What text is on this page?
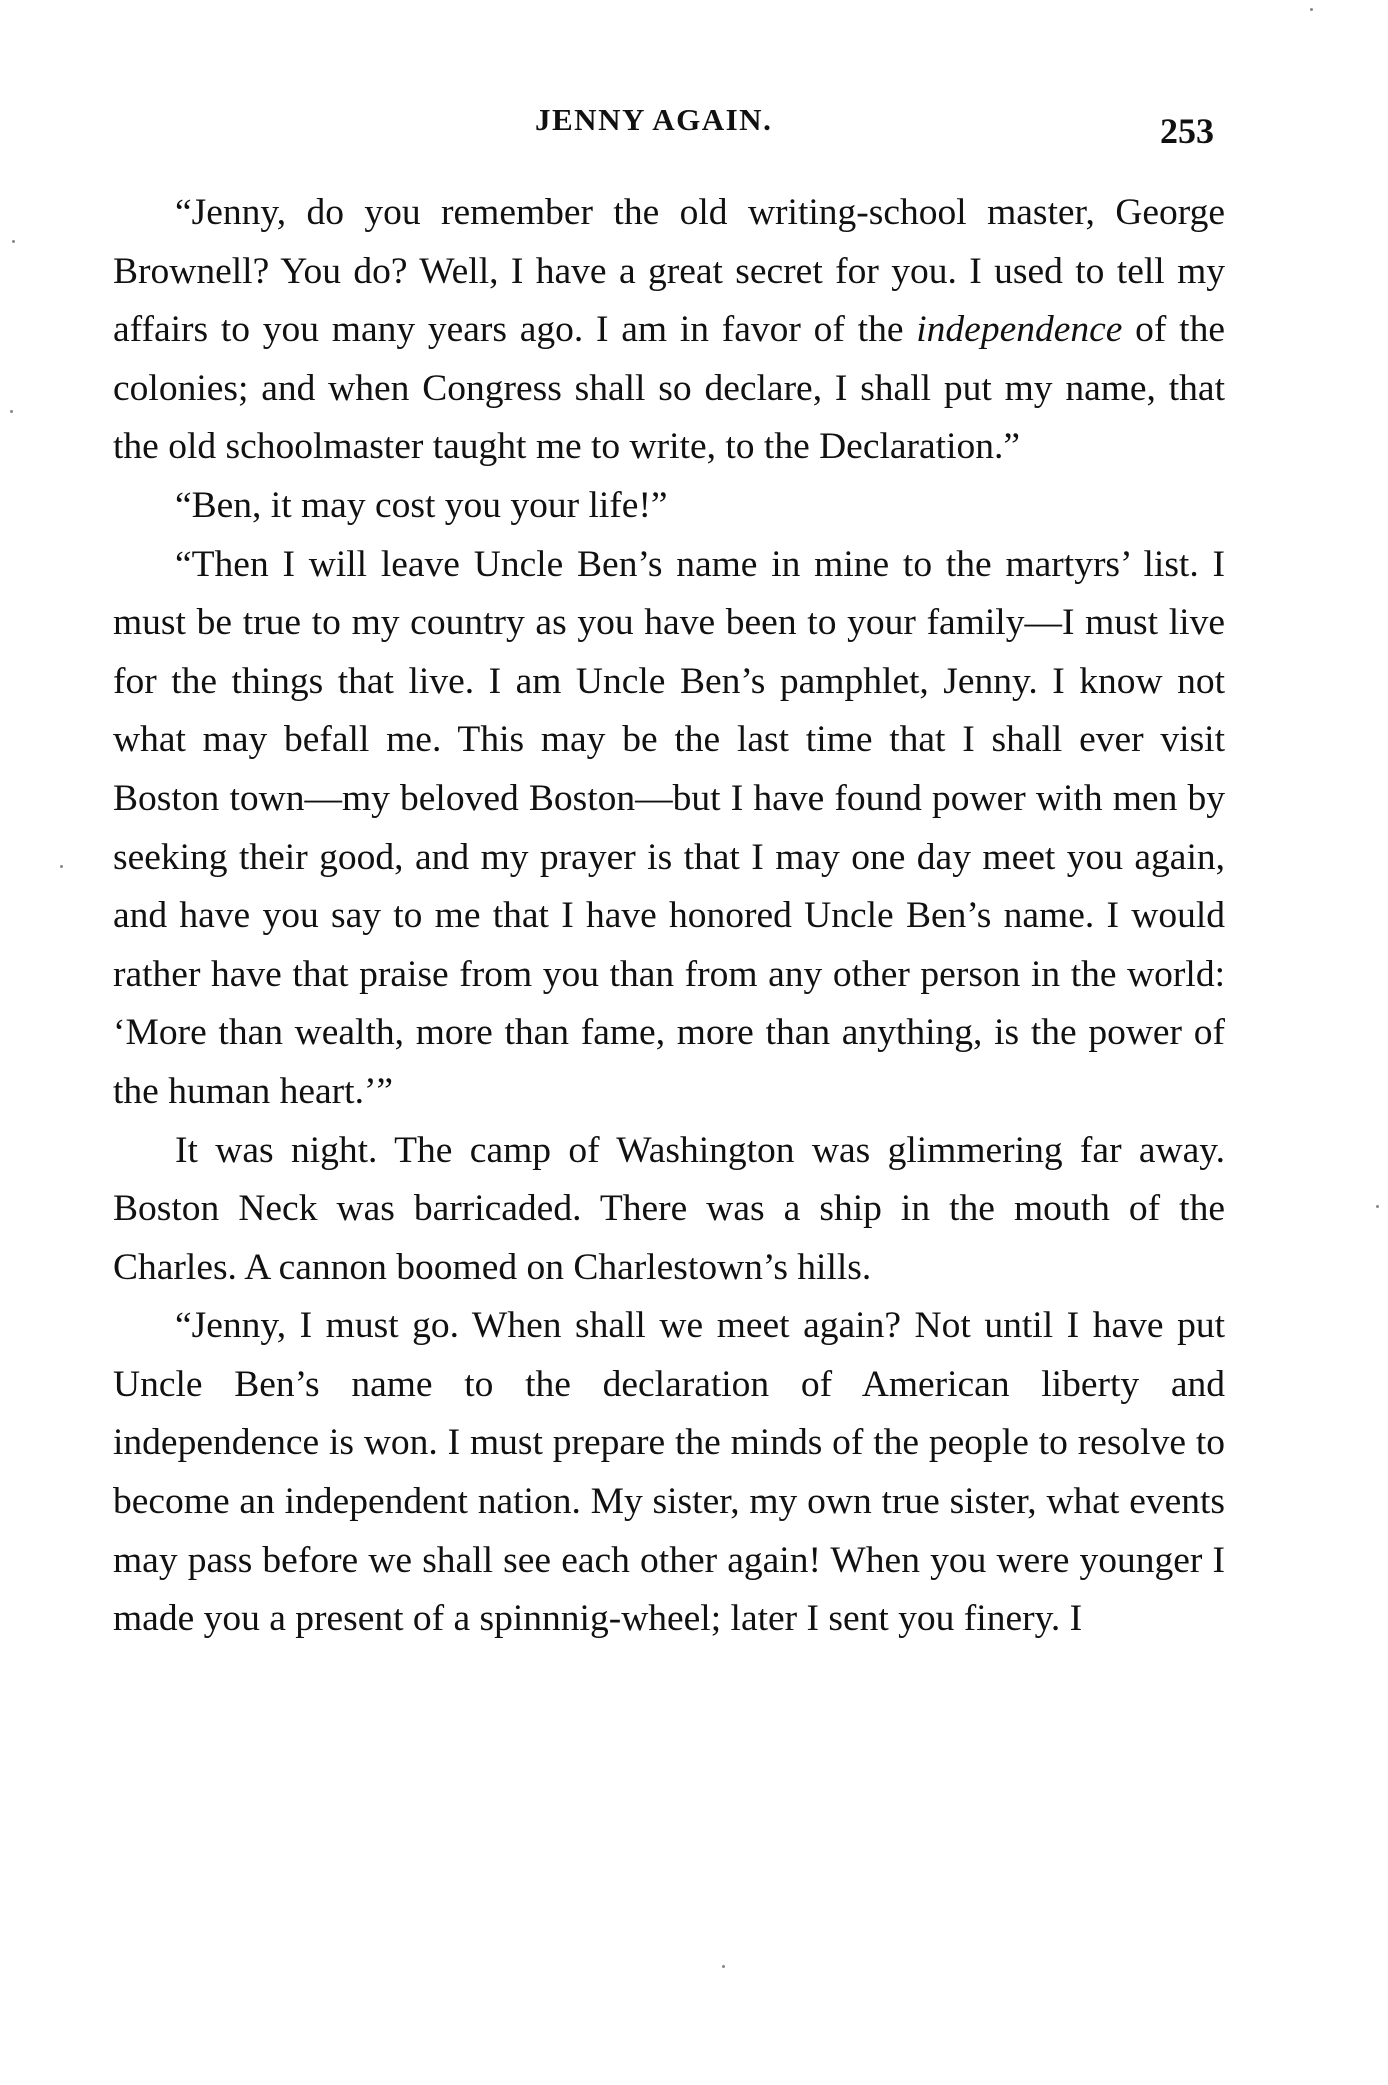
JENNY AGAIN.	253

“Jenny, do you remember the old writing-school master, George Brownell? You do? Well, I have a great secret for you. I used to tell my affairs to you many years ago. I am in favor of the independence of the colonies; and when Congress shall so declare, I shall put my name, that the old schoolmaster taught me to write, to the Declaration.”

“Ben, it may cost you your life!”

“Then I will leave Uncle Ben’s name in mine to the martyrs’ list. I must be true to my country as you have been to your family—I must live for the things that live. I am Uncle Ben’s pamphlet, Jenny. I know not what may befall me. This may be the last time that I shall ever visit Boston town—my beloved Boston—but I have found power with men by seeking their good, and my prayer is that I may one day meet you again, and have you say to me that I have honored Uncle Ben’s name. I would rather have that praise from you than from any other person in the world: ‘More than wealth, more than fame, more than anything, is the power of the human heart.’”

It was night. The camp of Washington was glimmering far away. Boston Neck was barricaded. There was a ship in the mouth of the Charles. A cannon boomed on Charlestown’s hills.

“Jenny, I must go. When shall we meet again? Not until I have put Uncle Ben’s name to the declaration of American liberty and independence is won. I must prepare the minds of the people to resolve to become an independent nation. My sister, my own true sister, what events may pass before we shall see each other again! When you were younger I made you a present of a spinnnig-wheel; later I sent you finery. I
